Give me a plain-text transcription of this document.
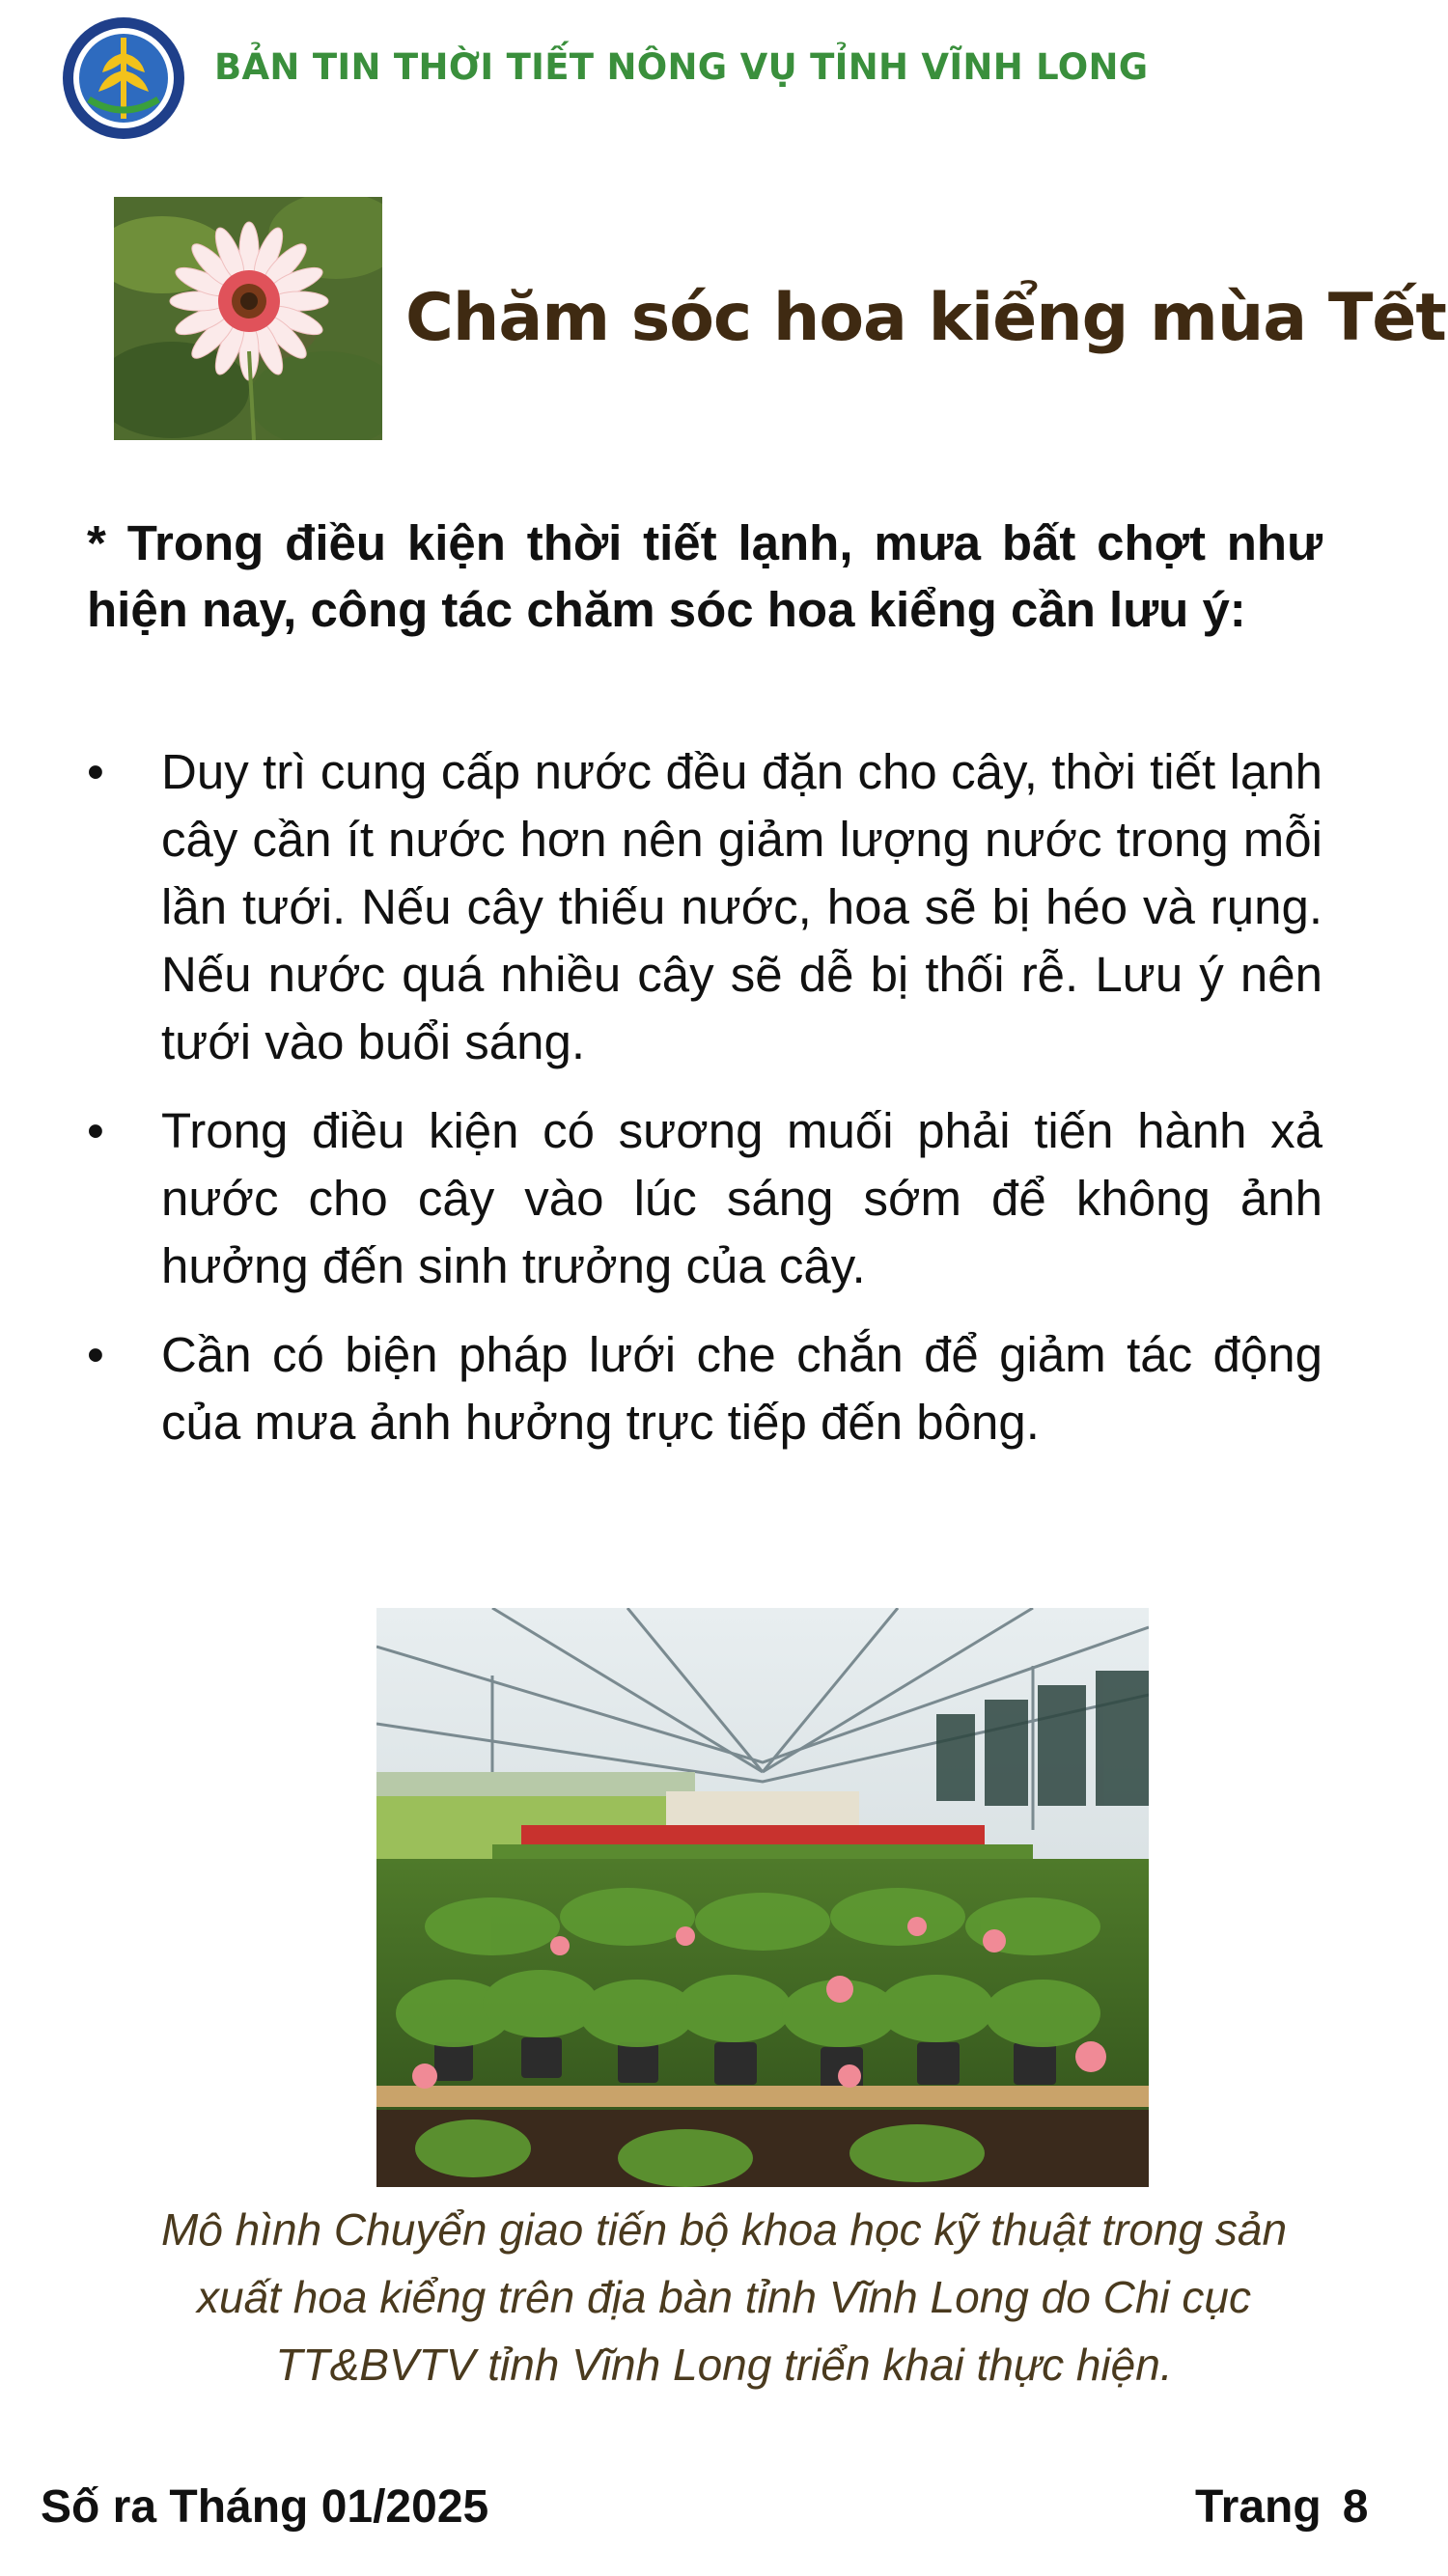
BẢN TIN THỜI TIẾT NÔNG VỤ TỈNH VĨNH LONG
Chăm sóc hoa kiểng mùa Tết
* Trong điều kiện thời tiết lạnh, mưa bất chợt như hiện nay, công tác chăm sóc hoa kiểng cần lưu ý:
• Duy trì cung cấp nước đều đặn cho cây, thời tiết lạnh cây cần ít nước hơn nên giảm lượng nước trong mỗi lần tưới. Nếu cây thiếu nước, hoa sẽ bị héo và rụng. Nếu nước quá nhiều cây sẽ dễ bị thối rễ. Lưu ý nên tưới vào buổi sáng.
• Trong điều kiện có sương muối phải tiến hành xả nước cho cây vào lúc sáng sớm để không ảnh hưởng đến sinh trưởng của cây.
• Cần có biện pháp lưới che chắn để giảm tác động của mưa ảnh hưởng trực tiếp đến bông.
Mô hình Chuyển giao tiến bộ khoa học kỹ thuật trong sản xuất hoa kiểng trên địa bàn tỉnh Vĩnh Long do Chi cục TT&BVTV tỉnh Vĩnh Long triển khai thực hiện.
Số ra Tháng 01/2025	Trang 8
